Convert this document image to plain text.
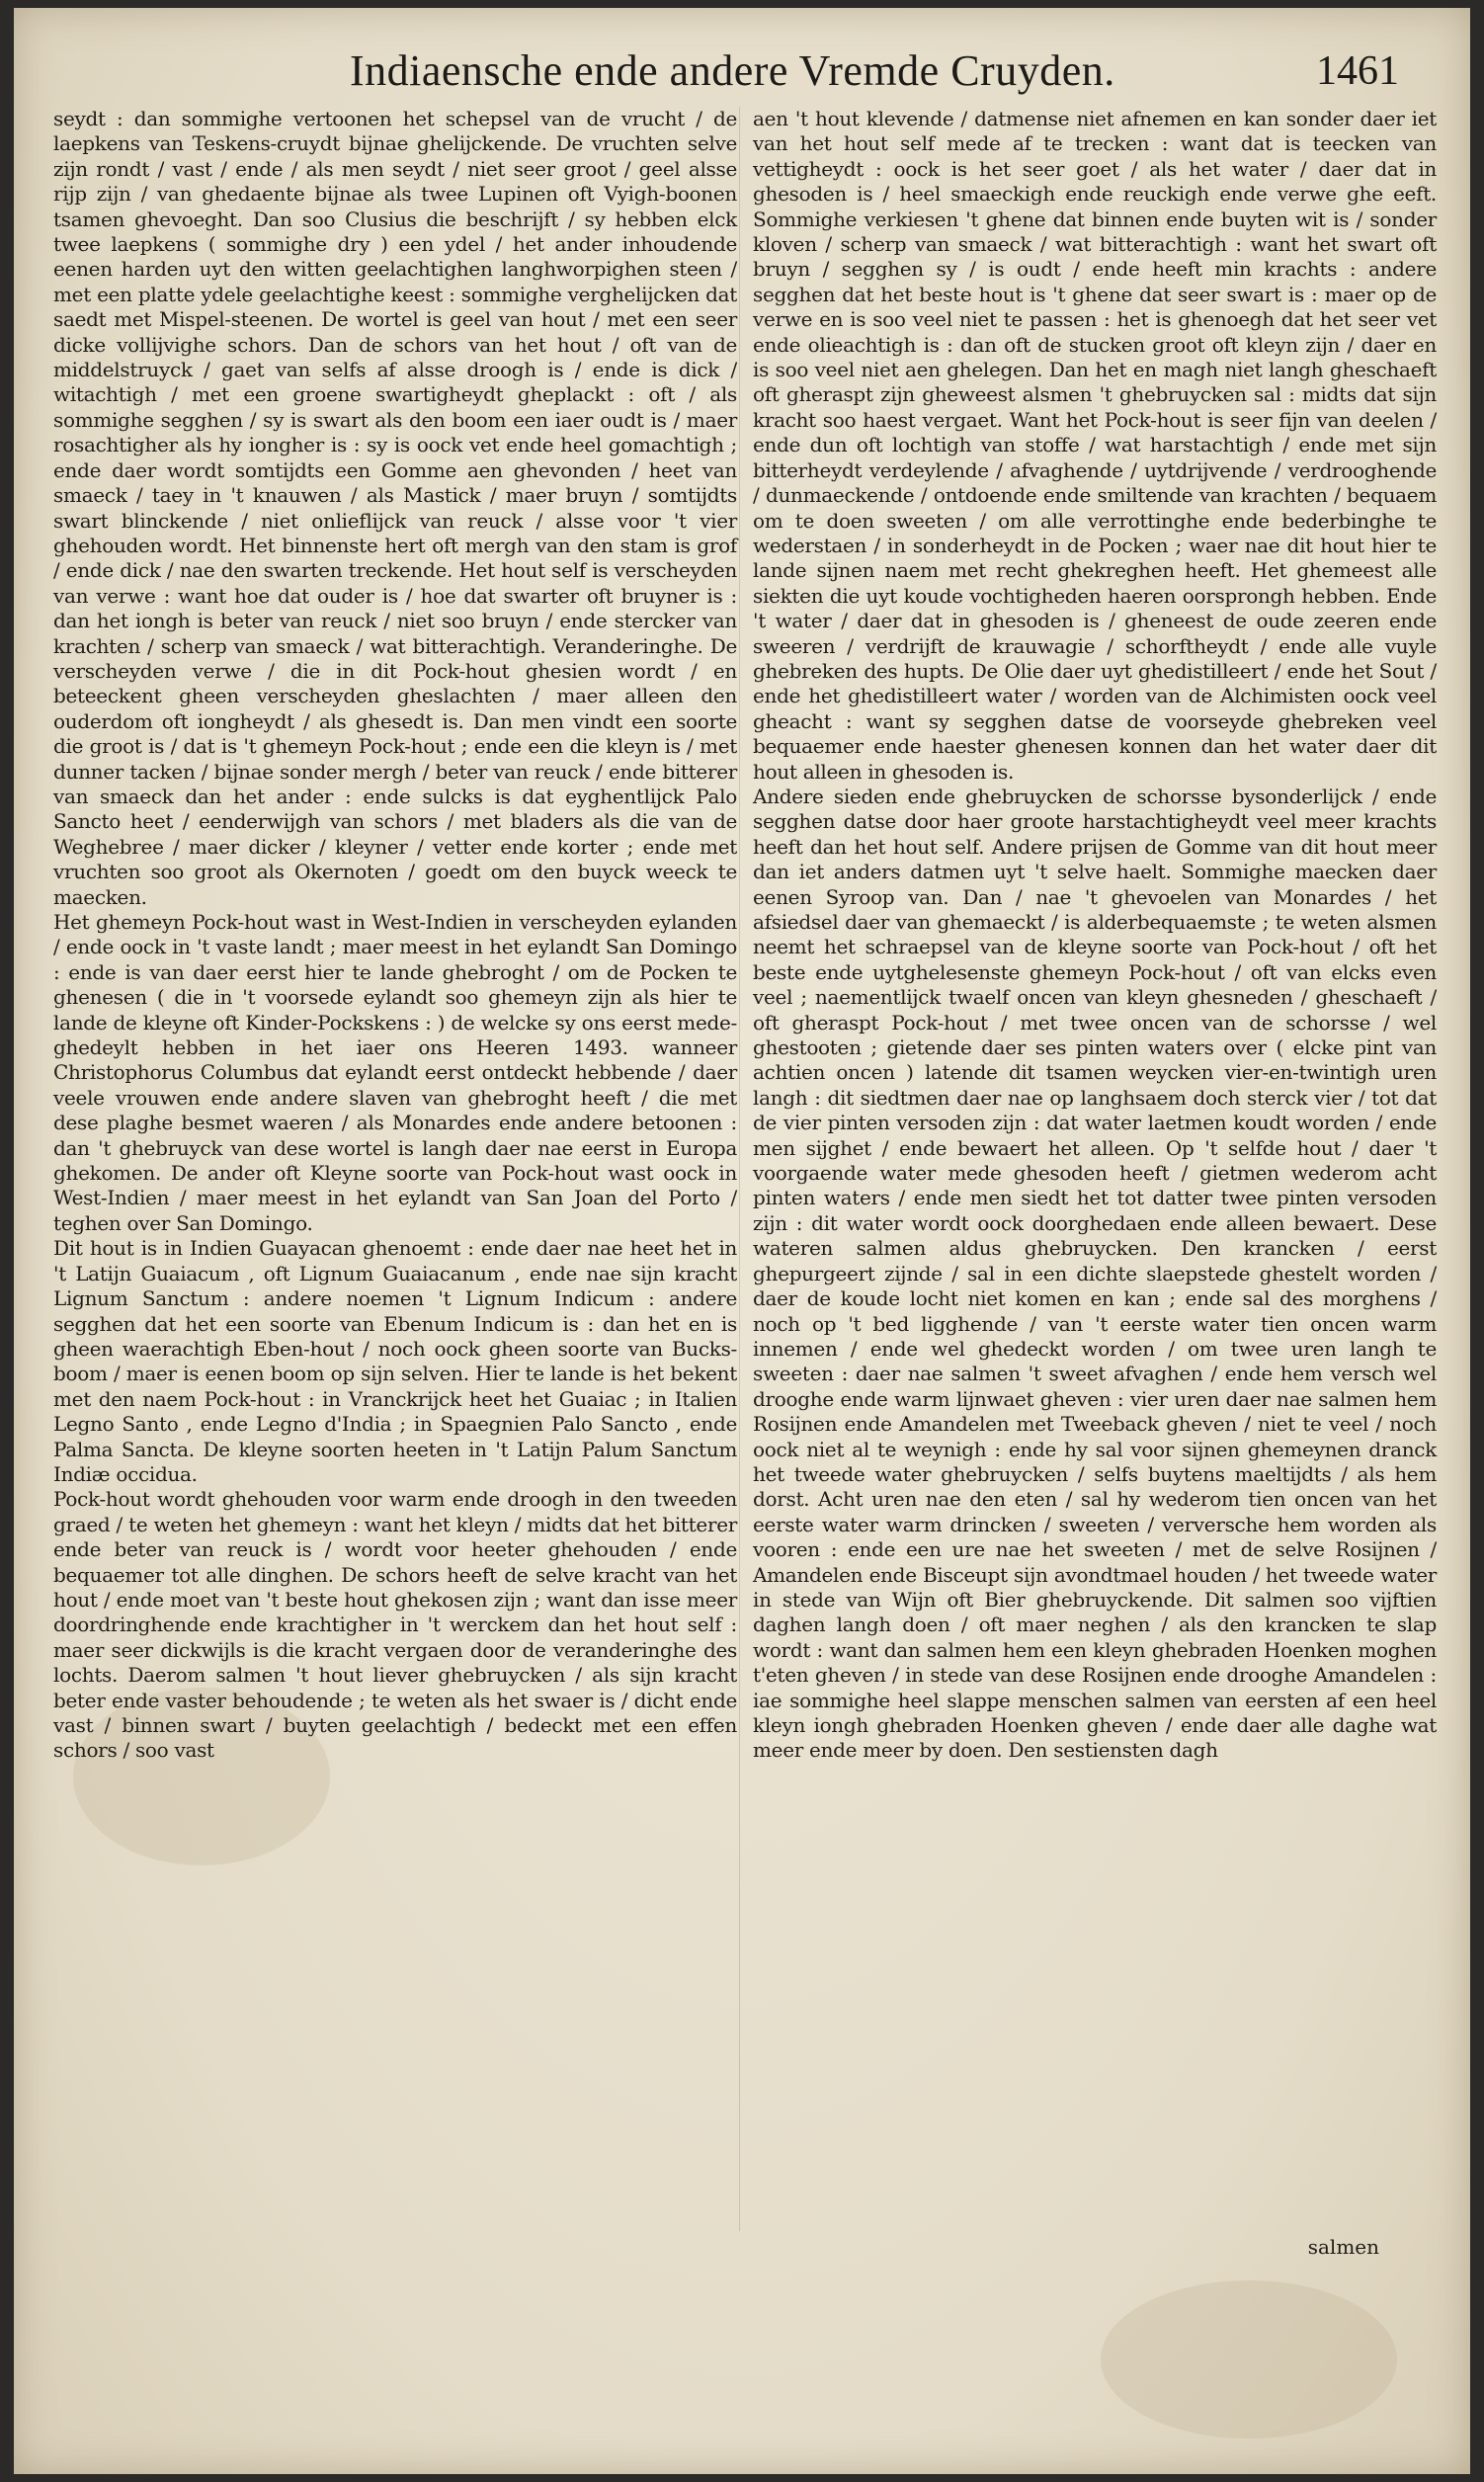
Indiaensche ende andere Vremde Cruyden.	1461
seydt : dan sommighe vertoonen het schepsel van de vrucht / de laepkens van Teskens-cruydt bijnae ghelijckende. De vruchten selve zijn rondt / vast / ende / als men seydt / niet seer groot / geel alsse rijp zijn / van ghedaente bijnae als twee Lupinen oft Vyigh-boonen tsamen ghevoeght. Dan soo Clusius die beschrijft / sy hebben elck twee laepkens ( sommighe dry ) een ydel / het ander inhoudende eenen harden uyt den witten geelachtighen langhworpighen steen / met een platte ydele geelachtighe keest : sommighe verghelijcken dat saedt met Mispel-steenen. De wortel is geel van hout / met een seer dicke vollijvighe schors. Dan de schors van het hout / oft van de middelstruyck / gaet van selfs af alsse droogh is / ende is dick / witachtigh / met een groene swartigheydt gheplackt : oft / als sommighe segghen / sy is swart als den boom een iaer oudt is / maer rosachtigher als hy iongher is : sy is oock vet ende heel gomachtigh ; ende daer wordt somtijdts een Gomme aen ghevonden / heet van smaeck / taey in 't knauwen / als Mastick / maer bruyn / somtijdts swart blinckende / niet onlieflijck van reuck / alsse voor 't vier ghehouden wordt. Het binnenste hert oft mergh van den stam is grof / ende dick / nae den swarten treckende. Het hout self is verscheyden van verwe : want hoe dat ouder is / hoe dat swarter oft bruyner is : dan het iongh is beter van reuck / niet soo bruyn / ende stercker van krachten / scherp van smaeck / wat bitterachtigh. Veranderinghe. De verscheyden verwe / die in dit Pock-hout ghesien wordt / en beteeckent gheen verscheyden gheslachten / maer alleen den ouderdom oft iongheydt / als ghesedt is. Dan men vindt een soorte die groot is / dat is 't ghemeyn Pock-hout ; ende een die kleyn is / met dunner tacken / bijnae sonder mergh / beter van reuck / ende bitterer van smaeck dan het ander : ende sulcks is dat eyghentlijck Palo Sancto heet / eenderwijgh van schors / met bladers als die van de Weghebree / maer dicker / kleyner / vetter ende korter ; ende met vruchten soo groot als Okernoten / goedt om den buyck weeck te maecken.
Het ghemeyn Pock-hout wast in West-Indien in verscheyden eylanden / ende oock in 't vaste landt ; maer meest in het eylandt San Domingo : ende is van daer eerst hier te lande ghebroght / om de Pocken te ghenesen ( die in 't voorsede eylandt soo ghemeyn zijn als hier te lande de kleyne oft Kinder-Pockskens : ) de welcke sy ons eerst mede-ghedeylt hebben in het iaer ons Heeren 1493. wanneer Christophorus Columbus dat eylandt eerst ontdeckt hebbende / daer veele vrouwen ende andere slaven van ghebroght heeft / die met dese plaghe besmet waeren / als Monardes ende andere betoonen : dan 't ghebruyck van dese wortel is langh daer nae eerst in Europa ghekomen. De ander oft Kleyne soorte van Pock-hout wast oock in West-Indien / maer meest in het eylandt van San Joan del Porto / teghen over San Domingo.
Dit hout is in Indien Guayacan ghenoemt : ende daer nae heet het in 't Latijn Guaiacum , oft Lignum Guaiacanum , ende nae sijn kracht Lignum Sanctum : andere noemen 't Lignum Indicum : andere segghen dat het een soorte van Ebenum Indicum is : dan het en is gheen waerachtigh Eben-hout / noch oock gheen soorte van Bucks-boom / maer is eenen boom op sijn selven. Hier te lande is het bekent met den naem Pock-hout : in Vranckrijck heet het Guaiac ; in Italien Legno Santo , ende Legno d'India ; in Spaegnien Palo Sancto , ende Palma Sancta. De kleyne soorten heeten in 't Latijn Palum Sanctum Indiæ occidua.
Pock-hout wordt ghehouden voor warm ende droogh in den tweeden graed / te weten het ghemeyn : want het kleyn / midts dat het bitterer ende beter van reuck is / wordt voor heeter ghehouden / ende bequaemer tot alle dinghen. De schors heeft de selve kracht van het hout / ende moet van 't beste hout ghekosen zijn ; want dan isse meer doordringhende ende krachtigher in 't werckem dan het hout self : maer seer dickwijls is die kracht vergaen door de veranderinghe des lochts. Daerom salmen 't hout liever ghebruycken / als sijn kracht beter ende vaster behoudende ; te weten als het swaer is / dicht ende vast / binnen swart / buyten geelachtigh / bedeckt met een effen schors / soo vast
aen 't hout klevende / datmense niet afnemen en kan sonder daer iet van het hout self mede af te trecken : want dat is teecken van vettigheydt : oock is het seer goet / als het water / daer dat in ghesoden is / heel smaeckigh ende reuckigh ende verwe ghe eeft. Sommighe verkiesen 't ghene dat binnen ende buyten wit is / sonder kloven / scherp van smaeck / wat bitterachtigh : want het swart oft bruyn / segghen sy / is oudt / ende heeft min krachts : andere segghen dat het beste hout is 't ghene dat seer swart is : maer op de verwe en is soo veel niet te passen : het is ghenoegh dat het seer vet ende olieachtigh is : dan oft de stucken groot oft kleyn zijn / daer en is soo veel niet aen ghelegen. Dan het en magh niet langh gheschaeft oft gheraspt zijn gheweest alsmen 't ghebruycken sal : midts dat sijn kracht soo haest vergaet. Want het Pock-hout is seer fijn van deelen / ende dun oft lochtigh van stoffe / wat harstachtigh / ende met sijn bitterheydt verdeylende / afvaghende / uytdrijvende / verdrooghende / dunmaeckende / ontdoende ende smiltende van krachten / bequaem om te doen sweeten / om alle verrottinghe ende bederbinghe te wederstaen / in sonderheydt in de Pocken ; waer nae dit hout hier te lande sijnen naem met recht ghekreghen heeft. Het ghemeest alle siekten die uyt koude vochtigheden haeren oorsprongh hebben. Ende 't water / daer dat in ghesoden is / gheneest de oude zeeren ende sweeren / verdrijft de krauwagie / schorftheydt / ende alle vuyle ghebreken des hupts. De Olie daer uyt ghedistilleert / ende het Sout / ende het ghedistilleert water / worden van de Alchimisten oock veel gheacht : want sy segghen datse de voorseyde ghebreken veel bequaemer ende haester ghenesen konnen dan het water daer dit hout alleen in ghesoden is.
Andere sieden ende ghebruycken de schorsse bysonderlijck / ende segghen datse door haer groote harstachtigheydt veel meer krachts heeft dan het hout self. Andere prijsen de Gomme van dit hout meer dan iet anders datmen uyt 't selve haelt. Sommighe maecken daer eenen Syroop van. Dan / nae 't ghevoelen van Monardes / het afsiedsel daer van ghemaeckt / is alderbequaemste ; te weten alsmen neemt het schraepsel van de kleyne soorte van Pock-hout / oft het beste ende uytghelesenste ghemeyn Pock-hout / oft van elcks even veel ; naementlijck twaelf oncen van kleyn ghesneden / gheschaeft / oft gheraspt Pock-hout / met twee oncen van de schorsse / wel ghestooten ; gietende daer ses pinten waters over ( elcke pint van achtien oncen ) latende dit tsamen weycken vier-en-twintigh uren langh : dit siedtmen daer nae op langhsaem doch sterck vier / tot dat de vier pinten versoden zijn : dat water laetmen koudt worden / ende men sijghet / ende bewaert het alleen. Op 't selfde hout / daer 't voorgaende water mede ghesoden heeft / gietmen wederom acht pinten waters / ende men siedt het tot datter twee pinten versoden zijn : dit water wordt oock doorghedaen ende alleen bewaert. Dese wateren salmen aldus ghebruycken. Den krancken / eerst ghepurgeert zijnde / sal in een dichte slaepstede ghestelt worden / daer de koude locht niet komen en kan ; ende sal des morghens / noch op 't bed ligghende / van 't eerste water tien oncen warm innemen / ende wel ghedeckt worden / om twee uren langh te sweeten : daer nae salmen 't sweet afvaghen / ende hem versch wel drooghe ende warm lijnwaet gheven : vier uren daer nae salmen hem Rosijnen ende Amandelen met Tweeback gheven / niet te veel / noch oock niet al te weynigh : ende hy sal voor sijnen ghemeynen dranck het tweede water ghebruycken / selfs buytens maeltijdts / als hem dorst. Acht uren nae den eten / sal hy wederom tien oncen van het eerste water warm drincken / sweeten / verversche hem worden als vooren : ende een ure nae het sweeten / met de selve Rosijnen / Amandelen ende Bisceupt sijn avondtmael houden / het tweede water in stede van Wijn oft Bier ghebruyckende. Dit salmen soo vijftien daghen langh doen / oft maer neghen / als den krancken te slap wordt : want dan salmen hem een kleyn ghebraden Hoenken moghen t'eten gheven / in stede van dese Rosijnen ende drooghe Amandelen : iae sommighe heel slappe menschen salmen van eersten af een heel kleyn iongh ghebraden Hoenken gheven / ende daer alle daghe wat meer ende meer by doen. Den sestiensten dagh
salmen
